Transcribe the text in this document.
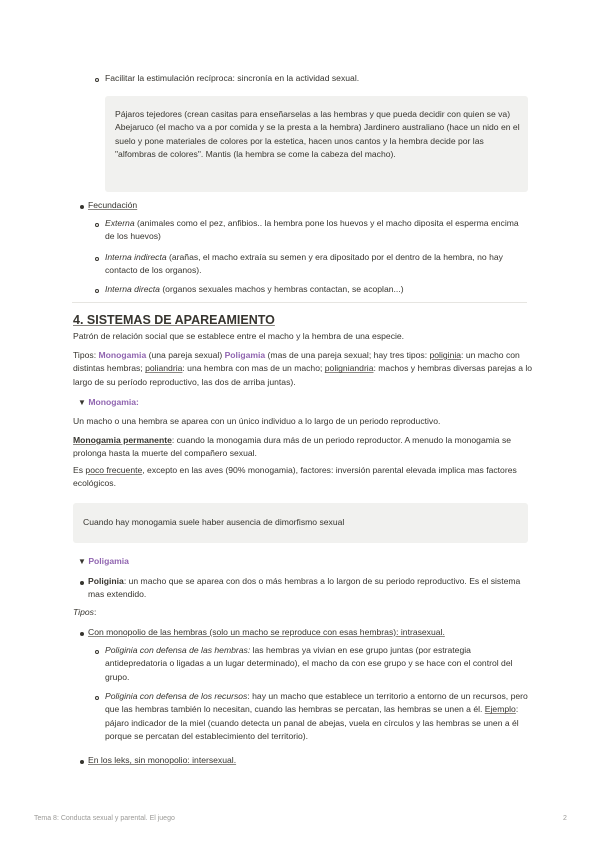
Facilitar la estimulación recíproca: sincronía en la actividad sexual.
Pájaros tejedores (crean casitas para enseñarselas a las hembras y que pueda decidir con quien se va) Abejaruco (el macho va a por comida y se la presta a la hembra) Jardinero australiano (hace un nido en el suelo y pone materiales de colores por la estetica, hacen unos cantos y la hembra decide por las "alfombras de colores". Mantis (la hembra se come la cabeza del macho).
Fecundación
Externa (animales como el pez, anfibios.. la hembra pone los huevos y el macho diposita el esperma encima de los huevos)
Interna indirecta (arañas, el macho extraía su semen y era dipositado por el dentro de la hembra, no hay contacto de los organos).
Interna directa (organos sexuales machos y hembras contactan, se acoplan...)
4. SISTEMAS DE APAREAMIENTO
Patrón de relación social que se establece entre el macho y la hembra de una especie.
Tipos: Monogamia (una pareja sexual) Poligamia (mas de una pareja sexual; hay tres tipos: poliginia: un macho con distintas hembras; poliandria: una hembra con mas de un macho; poligniandria: machos y hembras diversas parejas a lo largo de su período reproductivo, las dos de arriba juntas).
▼ Monogamia:
Un macho o una hembra se aparea con un único individuo a lo largo de un periodo reproductivo.
Monogamia permanente: cuando la monogamia dura más de un periodo reproductor. A menudo la monogamia se prolonga hasta la muerte del compañero sexual.
Es poco frecuente, excepto en las aves (90% monogamia), factores: inversión parental elevada implica mas factores ecológicos.
Cuando hay monogamia suele haber ausencia de dimorfismo sexual
▼ Poligamia
Poliginia: un macho que se aparea con dos o más hembras a lo largon de su periodo reproductivo. Es el sistema mas extendido.
Tipos:
Con monopolio de las hembras (solo un macho se reproduce con esas hembras): intrasexual.
Poliginia con defensa de las hembras: las hembras ya vivian en ese grupo juntas (por estrategia antidepredatoria o ligadas a un lugar determinado), el macho da con ese grupo y se hace con el control del grupo.
Poliginia con defensa de los recursos: hay un macho que establece un territorio a entorno de un recursos, pero que las hembras también lo necesitan, cuando las hembras se percatan, las hembras se unen a él. Ejemplo: pájaro indicador de la miel (cuando detecta un panal de abejas, vuela en círculos y las hembras se unen a él porque se percatan del establecimiento del territorio).
En los leks, sin monopolio: intersexual.
Tema 8: Conducta sexual y parental. El juego	2
